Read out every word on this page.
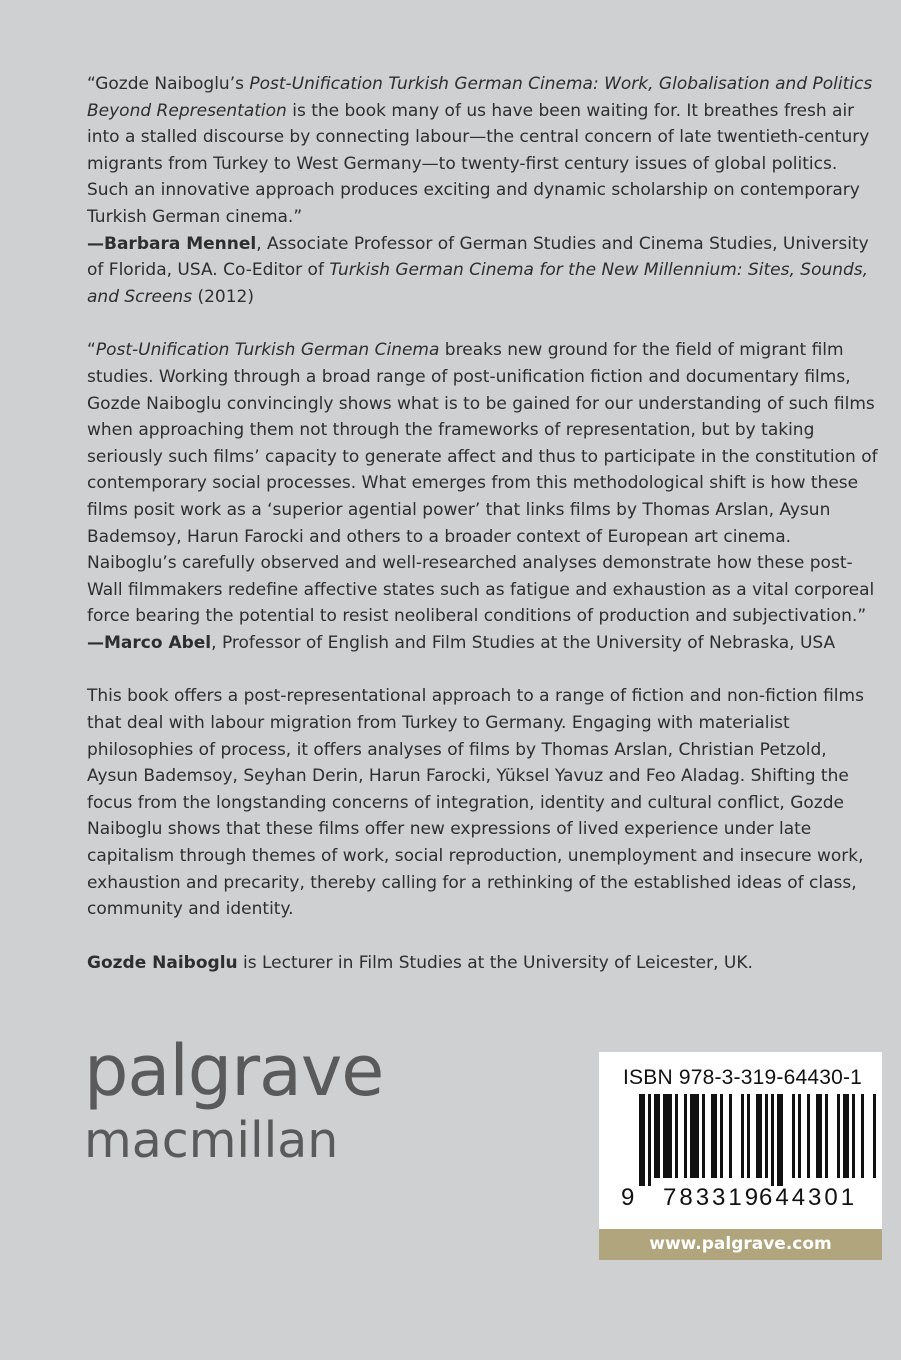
“Gozde Naiboglu’s Post-Unification Turkish German Cinema: Work, Globalisation and Politics Beyond Representation is the book many of us have been waiting for. It breathes fresh air into a stalled discourse by connecting labour—the central concern of late twentieth-century migrants from Turkey to West Germany—to twenty-first century issues of global politics. Such an innovative approach produces exciting and dynamic scholarship on contemporary Turkish German cinema.”
—Barbara Mennel, Associate Professor of German Studies and Cinema Studies, University of Florida, USA. Co-Editor of Turkish German Cinema for the New Millennium: Sites, Sounds, and Screens (2012)

“Post-Unification Turkish German Cinema breaks new ground for the field of migrant film studies. Working through a broad range of post-unification fiction and documentary films, Gozde Naiboglu convincingly shows what is to be gained for our understanding of such films when approaching them not through the frameworks of representation, but by taking seriously such films’ capacity to generate affect and thus to participate in the constitution of contemporary social processes. What emerges from this methodological shift is how these films posit work as a ‘superior agential power’ that links films by Thomas Arslan, Aysun Bademsoy, Harun Farocki and others to a broader context of European art cinema. Naiboglu’s carefully observed and well-researched analyses demonstrate how these post-Wall filmmakers redefine affective states such as fatigue and exhaustion as a vital corporeal force bearing the potential to resist neoliberal conditions of production and subjectivation.”
—Marco Abel, Professor of English and Film Studies at the University of Nebraska, USA

This book offers a post-representational approach to a range of fiction and non-fiction films that deal with labour migration from Turkey to Germany. Engaging with materialist philosophies of process, it offers analyses of films by Thomas Arslan, Christian Petzold, Aysun Bademsoy, Seyhan Derin, Harun Farocki, Yüksel Yavuz and Feo Aladag. Shifting the focus from the longstanding concerns of integration, identity and cultural conflict, Gozde Naiboglu shows that these films offer new expressions of lived experience under late capitalism through themes of work, social reproduction, unemployment and insecure work, exhaustion and precarity, thereby calling for a rethinking of the established ideas of class, community and identity.

Gozde Naiboglu is Lecturer in Film Studies at the University of Leicester, UK.

palgrave
macmillan
ISBN 978-3-319-64430-1
9 783319
644301
www.palgrave.com
